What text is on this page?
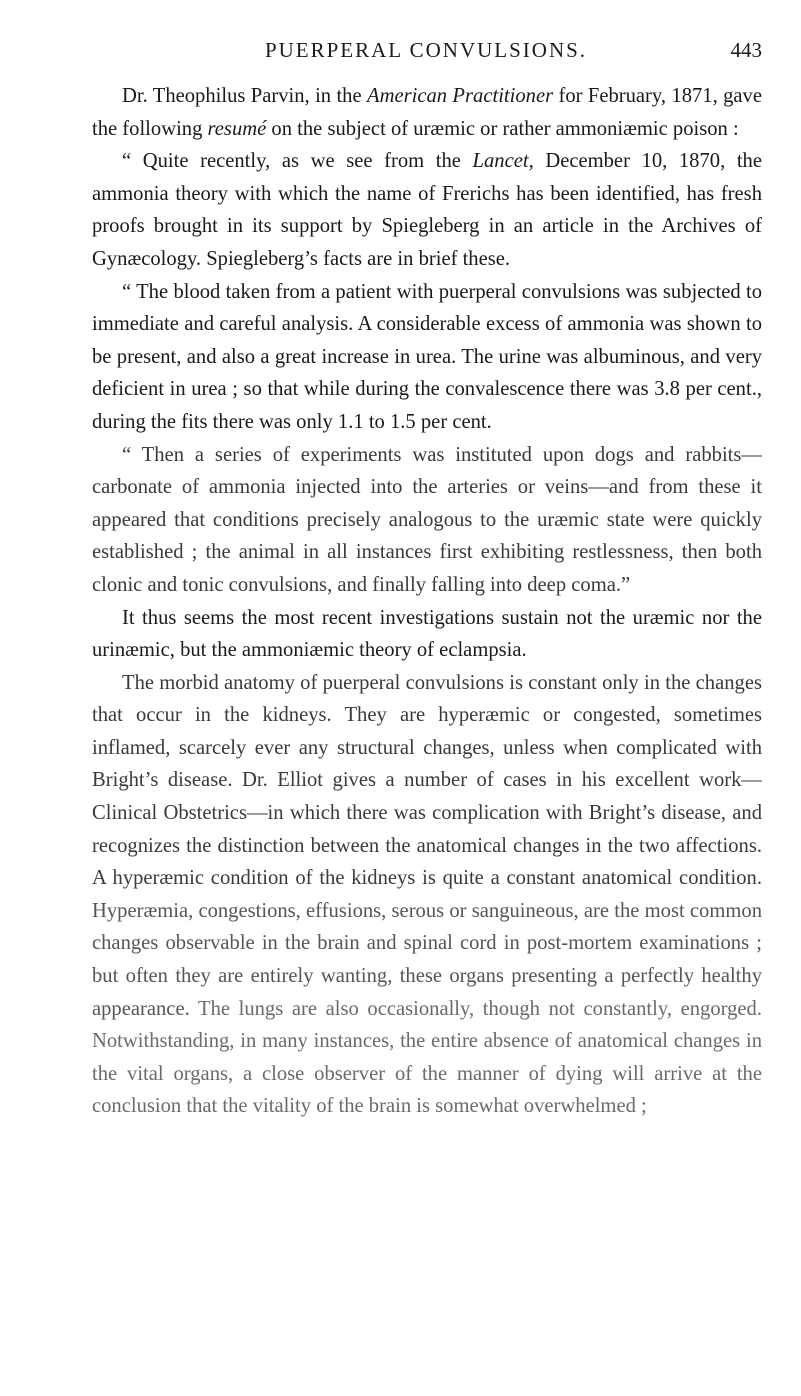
PUERPERAL CONVULSIONS.	443

Dr. Theophilus Parvin, in the American Practitioner for February, 1871, gave the following resumé on the subject of uræmic or rather ammoniæmic poison :

“ Quite recently, as we see from the Lancet, December 10, 1870, the ammonia theory with which the name of Frerichs has been identified, has fresh proofs brought in its support by Spiegleberg in an article in the Archives of Gynæcology. Spiegleberg’s facts are in brief these.

“ The blood taken from a patient with puerperal convulsions was subjected to immediate and careful analysis. A considerable excess of ammonia was shown to be present, and also a great increase in urea. The urine was albuminous, and very deficient in urea ; so that while during the convalescence there was 3.8 per cent., during the fits there was only 1.1 to 1.5 per cent.

“ Then a series of experiments was instituted upon dogs and rabbits—carbonate of ammonia injected into the arteries or veins—and from these it appeared that conditions precisely analogous to the uræmic state were quickly established ; the animal in all instances first exhibiting restlessness, then both clonic and tonic convulsions, and finally falling into deep coma.”

It thus seems the most recent investigations sustain not the uræmic nor the urinæmic, but the ammoniæmic theory of eclampsia.

The morbid anatomy of puerperal convulsions is constant only in the changes that occur in the kidneys. They are hyperæmic or congested, sometimes inflamed, scarcely ever any structural changes, unless when complicated with Bright’s disease. Dr. Elliot gives a number of cases in his excellent work—Clinical Obstetrics—in which there was complication with Bright’s disease, and recognizes the distinction between the anatomical changes in the two affections. A hyperæmic condition of the kidneys is quite a constant anatomical condition. Hyperæmia, congestions, effusions, serous or sanguineous, are the most common changes observable in the brain and spinal cord in post-mortem examinations ; but often they are entirely wanting, these organs presenting a perfectly healthy appearance. The lungs are also occasionally, though not constantly, engorged. Notwithstanding, in many instances, the entire absence of anatomical changes in the vital organs, a close observer of the manner of dying will arrive at the conclusion that the vitality of the brain is somewhat overwhelmed ;
